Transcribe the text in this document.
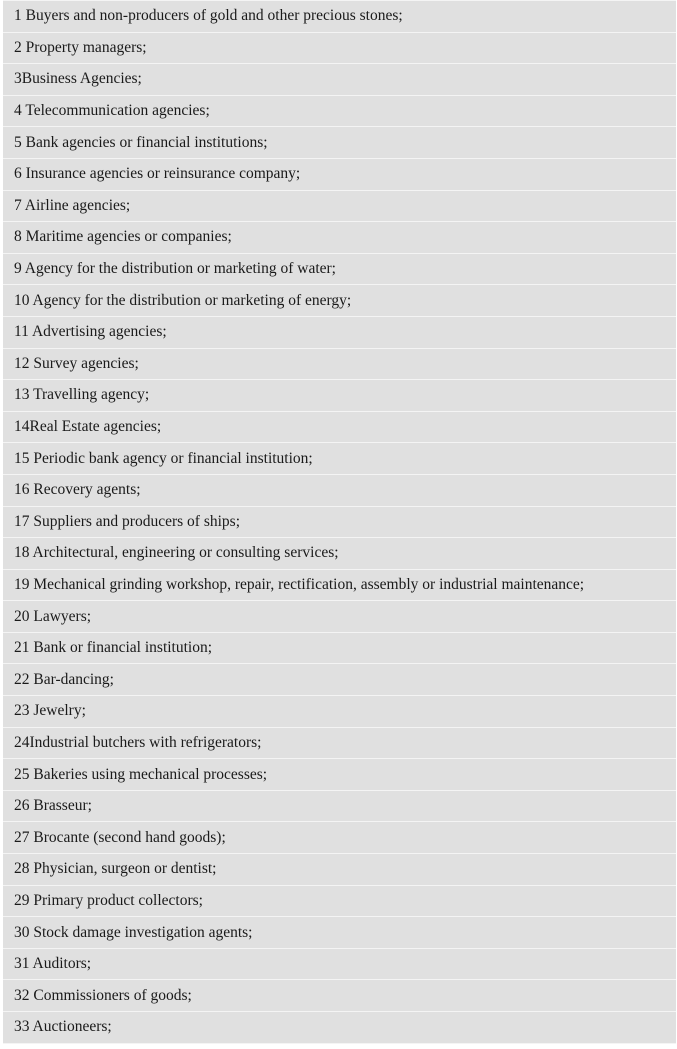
1 Buyers and non-producers of gold and other precious stones;
2 Property managers;
3Business Agencies;
4 Telecommunication agencies;
5 Bank agencies or financial institutions;
6 Insurance agencies or reinsurance company;
7 Airline agencies;
8 Maritime agencies or companies;
9 Agency for the distribution or marketing of water;
10 Agency for the distribution or marketing of energy;
11 Advertising agencies;
12 Survey agencies;
13 Travelling agency;
14Real Estate agencies;
15 Periodic bank agency or financial institution;
16 Recovery agents;
17 Suppliers and producers of ships;
18 Architectural, engineering or consulting services;
19 Mechanical grinding workshop, repair, rectification, assembly or industrial maintenance;
20 Lawyers;
21 Bank or financial institution;
22 Bar-dancing;
23 Jewelry;
24Industrial butchers with refrigerators;
25 Bakeries using mechanical processes;
26 Brasseur;
27 Brocante (second hand goods);
28 Physician, surgeon or dentist;
29 Primary product collectors;
30 Stock damage investigation agents;
31 Auditors;
32 Commissioners of goods;
33 Auctioneers;
